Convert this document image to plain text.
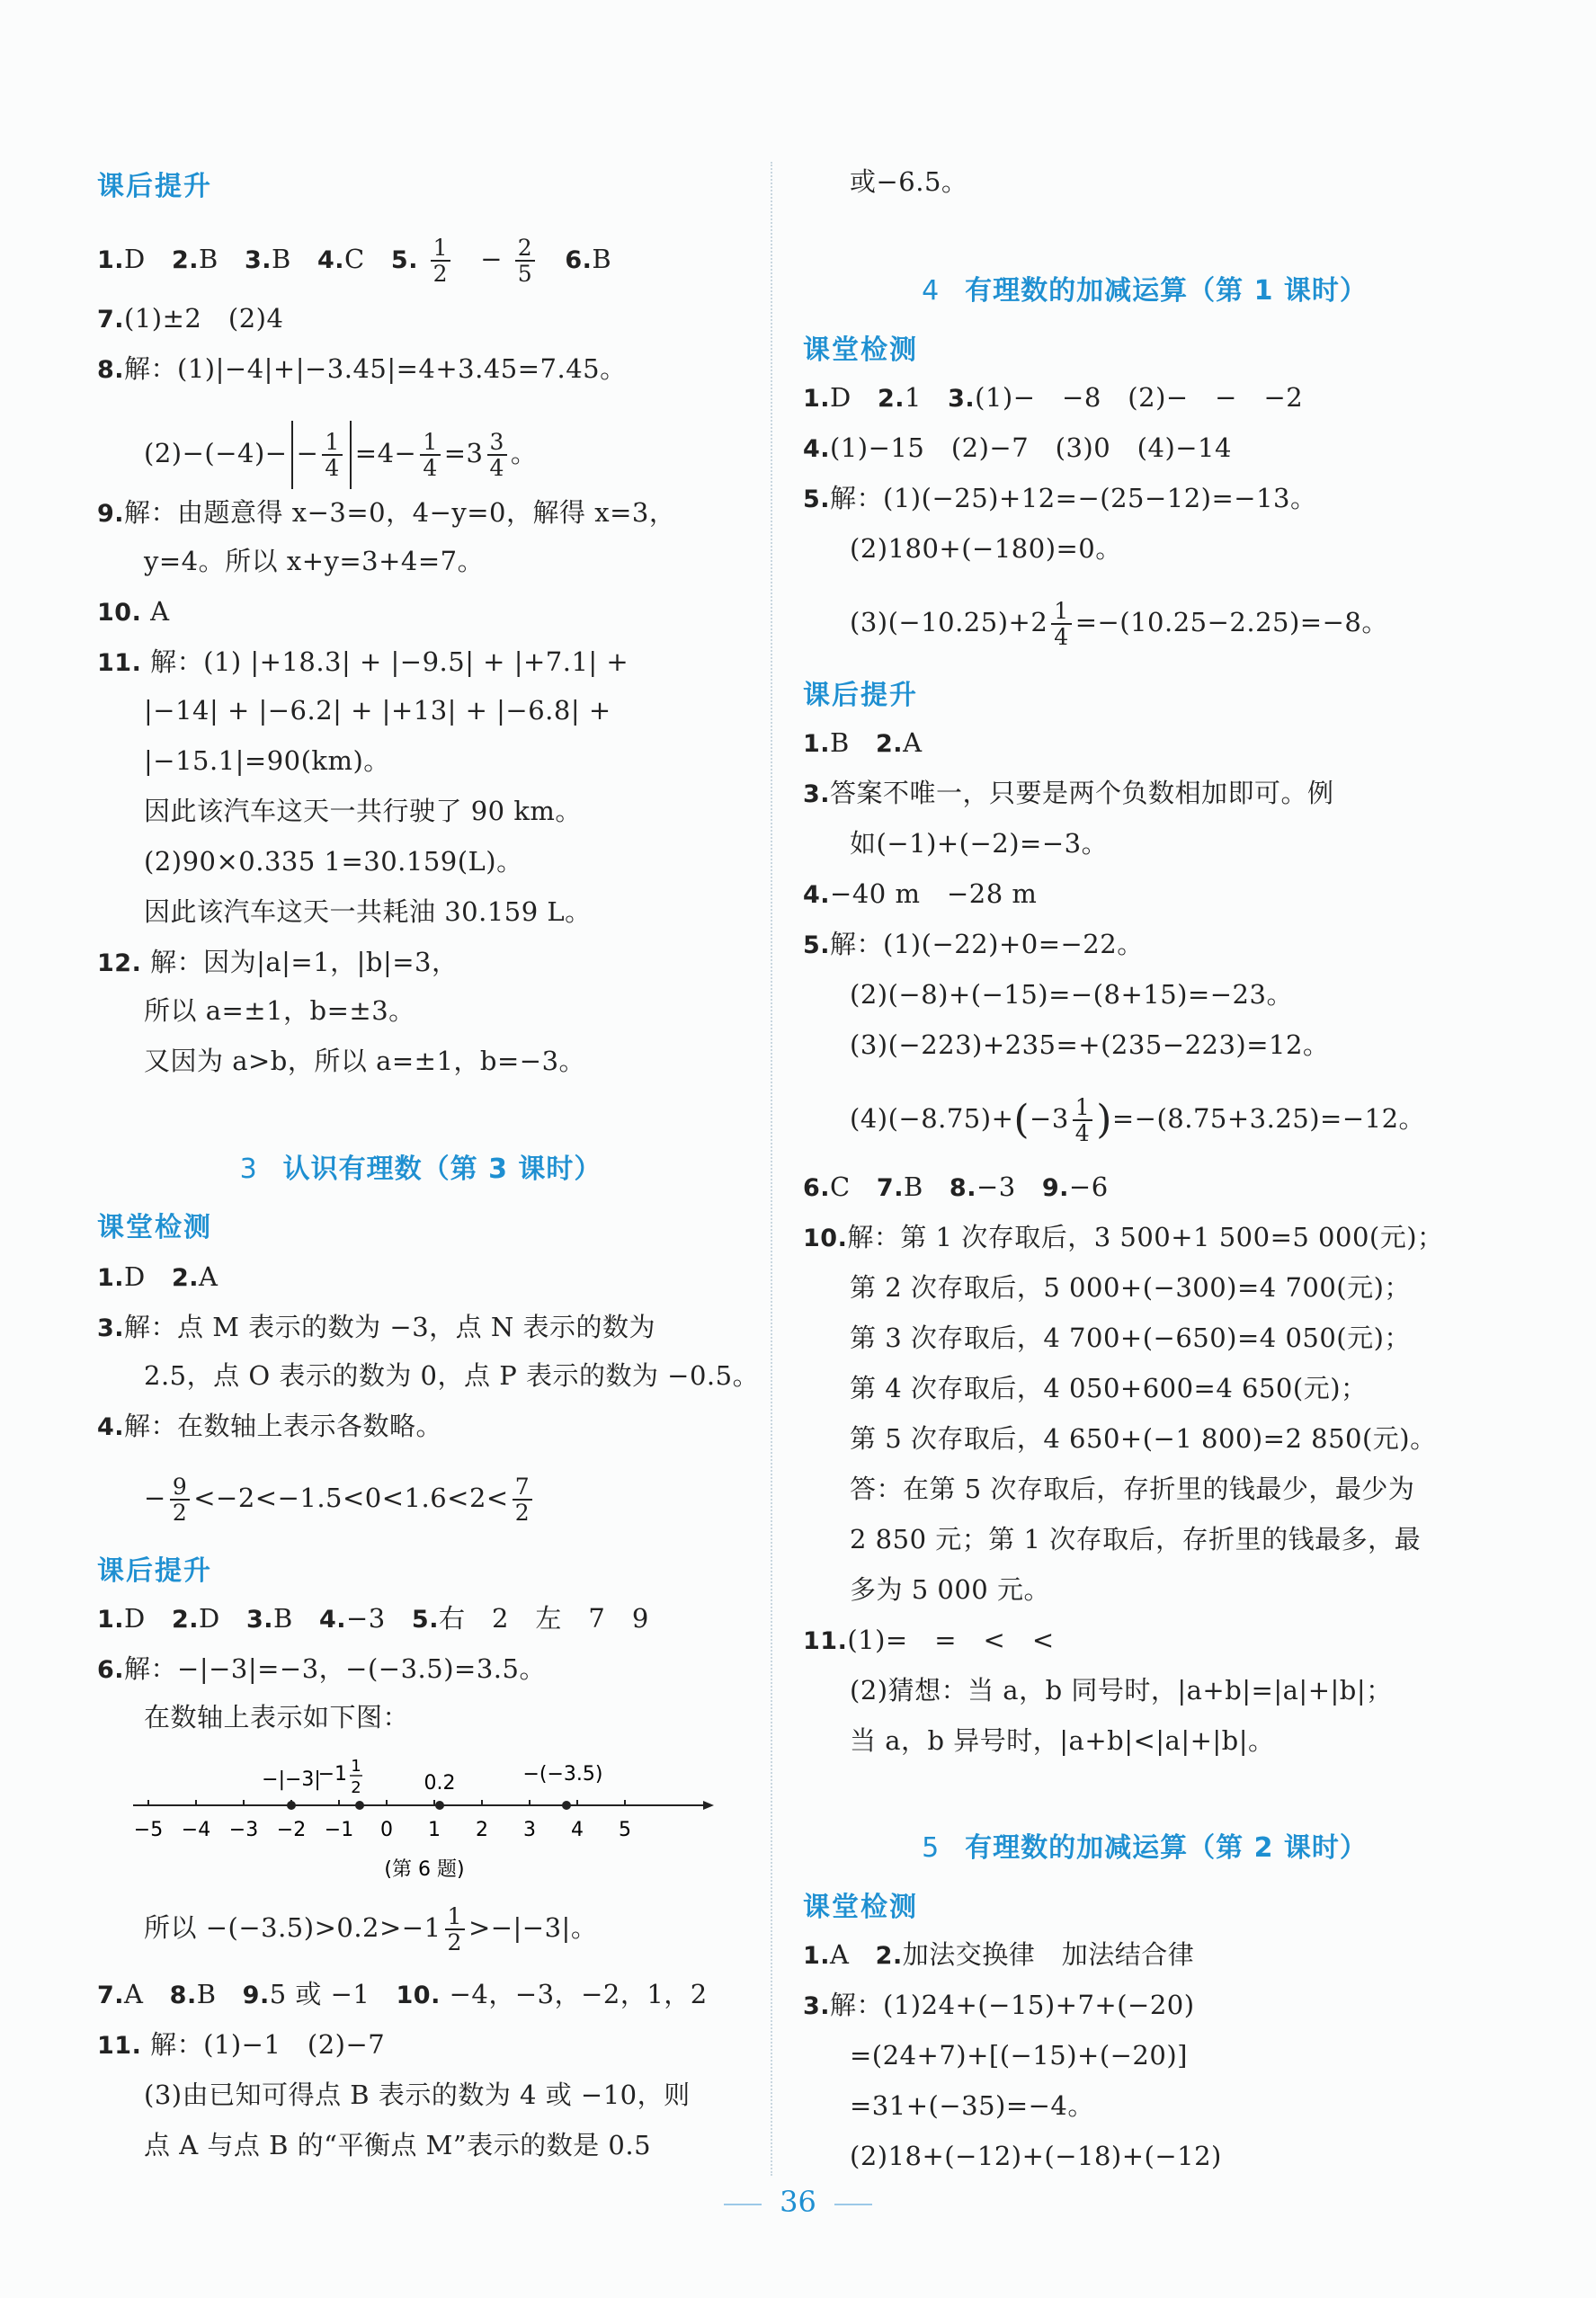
课后提升
1.D 2.B 3.B 4.C 5. $\frac{1}{2} - \frac{2}{5} 6.B$
7.(1)±2　(2)4
8.解：(1)|−4|+|−3.45|=4+3.45=7.45。
$(2)-(-4)- - \frac{1}{4} =4- \frac{1}{4} =3 \frac{3}{4}$ 。
9.解：由题意得 x−3=0，4−y=0，解得 x=3，
y=4。所以 x+y=3+4=7。
10. A
11. 解：(1) |+18.3| + |−9.5| + |+7.1| +
|−14| + |−6.2| + |+13| + |−6.8| +
|−15.1|=90(km)。
因此该汽车这天一共行驶了 90 km。
(2)90×0.335 1=30.159(L)。
因此该汽车这天一共耗油 30.159 L。
12. 解：因为|a|=1，|b|=3，
所以 a=±1，b=±3。
又因为 a>b，所以 a=±1，b=−3。
3 认识有理数（第 3 课时）
课堂检测
1.D 2.A
3.解：点 M 表示的数为 −3，点 N 表示的数为
2.5，点 O 表示的数为 0，点 P 表示的数为 −0.5。
4.解：在数轴上表示各数略。
− $\frac{9}{2} <-2<-1.5<0<1.6<2< \frac{7}{2}$
课后提升
1.D 2.D 3.B 4.−3 5.右　2　左　7　9
6.解：−|−3|=−3，−(−3.5)=3.5。
在数轴上表示如下图：
−5 −4 −3 −2 −1 0 1 2 3 4 5
−|−3|
−1 1
2	0.2	−(−3.5)
(第 6 题)
所以 $-(-3.5)>0.2>-1 \frac{1}{2} >-|-3|$。
7.A 8.B 9.5 或 −1 10. −4，−3，−2，1，2
11. 解：(1)−1　(2)−7
(3)由已知可得点 B 表示的数为 4 或 −10，则
点 A 与点 B 的“平衡点 M”表示的数是 0.5
或−6.5。
4 有理数的加减运算（第 1 课时）
课堂检测
1.D 2.1 3.(1)−　−8　(2)−　−　−2
4.(1)−15　(2)−7　(3)0　(4)−14
5.解：(1)(−25)+12=−(25−12)=−13。
(2)180+(−180)=0。
$(3)(-10.25)+2 \frac{1}{4} =-(10.25-2.25)=-8$。
课后提升
1.B 2.A
3.答案不唯一，只要是两个负数相加即可。例
如(−1)+(−2)=−3。
4.−40 m　−28 m
5.解：(1)(−22)+0=−22。
(2)(−8)+(−15)=−(8+15)=−23。
(3)(−223)+235=+(235−223)=12。
$(4)(-8.75)+(-3 \frac{1}{4} )=-(8.75+3.25)=-12$。
6.C 7.B 8.−3 9.−6
10.解：第 1 次存取后，3 500+1 500=5 000(元)；
第 2 次存取后，5 000+(−300)=4 700(元)；
第 3 次存取后，4 700+(−650)=4 050(元)；
第 4 次存取后，4 050+600=4 650(元)；
第 5 次存取后，4 650+(−1 800)=2 850(元)。
答：在第 5 次存取后，存折里的钱最少，最少为
2 850 元；第 1 次存取后，存折里的钱最多，最
多为 5 000 元。
11.(1)=　=　<　<
(2)猜想：当 a，b 同号时，|a+b|=|a|+|b|；
当 a，b 异号时，|a+b|<|a|+|b|。
5 有理数的加减运算（第 2 课时）
课堂检测
1.A 2.加法交换律　加法结合律
3.解：(1)24+(−15)+7+(−20)
=(24+7)+[(−15)+(−20)]
=31+(−35)=−4。
(2)18+(−12)+(−18)+(−12)
36
